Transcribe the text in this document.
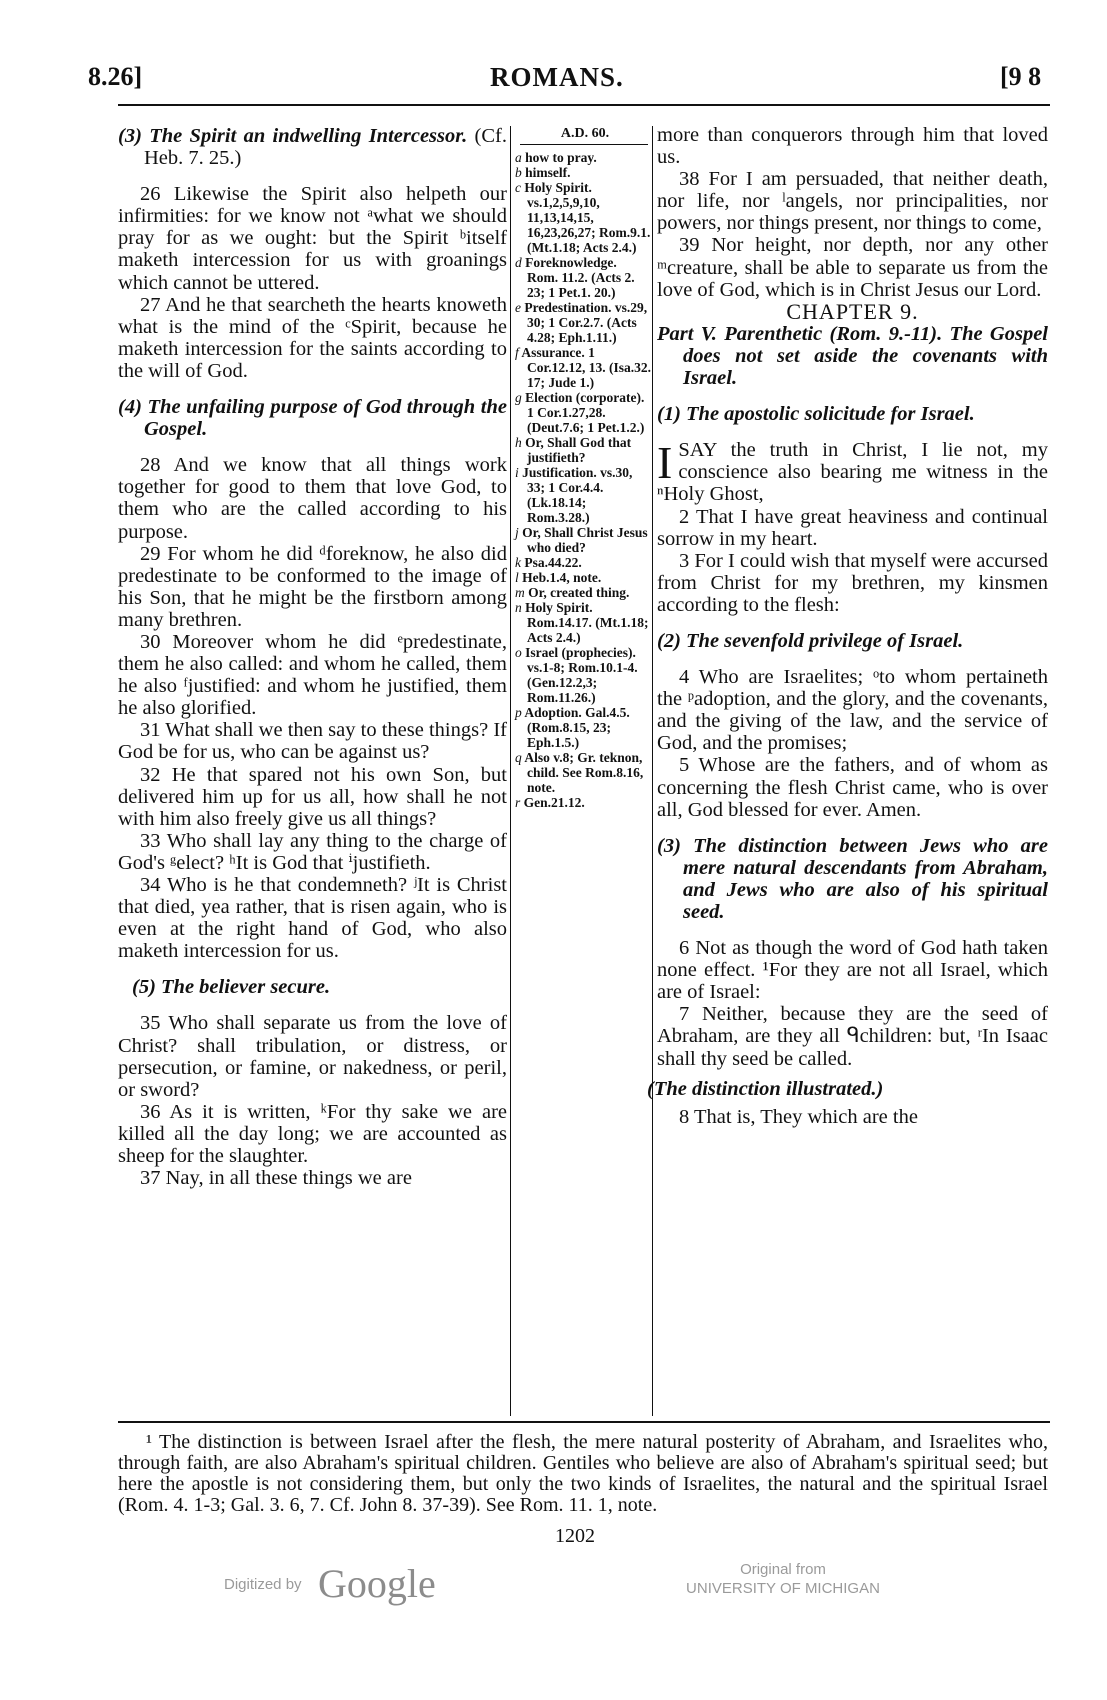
8.26]	ROMANS.	[9 8
A.D. 60.

(3) The Spirit an indwelling Intercessor. (Cf. Heb. 7. 25.)

26 Likewise the Spirit also helpeth our infirmities: for we know not ᵃwhat we should pray for as we ought: but the Spirit ᵇitself maketh intercession for us with groanings which cannot be uttered.

27 And he that searcheth the hearts knoweth what is the mind of the ᶜSpirit, because he maketh intercession for the saints according to the will of God.

(4) The unfailing purpose of God through the Gospel.

28 And we know that all things work together for good to them that love God, to them who are the called according to his purpose.

29 For whom he did ᵈforeknow, he also did predestinate to be conformed to the image of his Son, that he might be the firstborn among many brethren.

30 Moreover whom he did ᵉpredestinate, them he also called: and whom he called, them he also ᶠjustified: and whom he justified, them he also glorified.

31 What shall we then say to these things? If God be for us, who can be against us?

32 He that spared not his own Son, but delivered him up for us all, how shall he not with him also freely give us all things?

33 Who shall lay any thing to the charge of God's ᵍelect? ʰIt is God that ⁱjustifieth.

34 Who is he that condemneth? ʲIt is Christ that died, yea rather, that is risen again, who is even at the right hand of God, who also maketh intercession for us.

(5) The believer secure.

35 Who shall separate us from the love of Christ? shall tribulation, or distress, or persecution, or famine, or nakedness, or peril, or sword?

36 As it is written, ᵏFor thy sake we are killed all the day long; we are accounted as sheep for the slaughter.

37 Nay, in all these things we are

a how to pray.

b himself.

c Holy Spirit. vs.1,2,5,9,10, 11,13,14,15, 16,23,26,27; Rom.9.1. (Mt.1.18; Acts 2.4.)

d Foreknowledge. Rom. 11.2. (Acts 2. 23; 1 Pet.1. 20.)

e Predestination. vs.29, 30; 1 Cor.2.7. (Acts 4.28; Eph.1.11.)

f Assurance. 1 Cor.12.12, 13. (Isa.32. 17; Jude 1.)

g Election (corporate). 1 Cor.1.27,28. (Deut.7.6; 1 Pet.1.2.)

h Or, Shall God that justifieth?

i Justification. vs.30, 33; 1 Cor.4.4. (Lk.18.14; Rom.3.28.)

j Or, Shall Christ Jesus who died?

k Psa.44.22.

l Heb.1.4, note.

m Or, created thing.

n Holy Spirit. Rom.14.17. (Mt.1.18; Acts 2.4.)

o Israel (prophecies). vs.1-8; Rom.10.1-4. (Gen.12.2,3; Rom.11.26.)

p Adoption. Gal.4.5. (Rom.8.15, 23; Eph.1.5.)

q Also v.8; Gr. teknon, child. See Rom.8.16, note.

r Gen.21.12.

more than conquerors through him that loved us.

38 For I am persuaded, that neither death, nor life, nor ˡangels, nor principalities, nor powers, nor things present, nor things to come,

39 Nor height, nor depth, nor any other ᵐcreature, shall be able to separate us from the love of God, which is in Christ Jesus our Lord.

CHAPTER 9.

Part V. Parenthetic (Rom. 9.-11). The Gospel does not set aside the covenants with Israel.

(1) The apostolic solicitude for Israel.

ISAY the truth in Christ, I lie not, my conscience also bearing me witness in the ⁿHoly Ghost,

2 That I have great heaviness and continual sorrow in my heart.

3 For I could wish that myself were accursed from Christ for my brethren, my kinsmen according to the flesh:

(2) The sevenfold privilege of Israel.

4 Who are Israelites; ᵒto whom pertaineth the ᵖadoption, and the glory, and the covenants, and the giving of the law, and the service of God, and the promises;

5 Whose are the fathers, and of whom as concerning the flesh Christ came, who is over all, God blessed for ever. Amen.

(3) The distinction between Jews who are mere natural descendants from Abraham, and Jews who are also of his spiritual seed.

6 Not as though the word of God hath taken none effect. ¹For they are not all Israel, which are of Israel:

7 Neither, because they are the seed of Abraham, are they all ᑫchildren: but, ʳIn Isaac shall thy seed be called.

(The distinction illustrated.)

8 That is, They which are the

¹ The distinction is between Israel after the flesh, the mere natural posterity of Abraham, and Israelites who, through faith, are also Abraham's spiritual children. Gentiles who believe are also of Abraham's spiritual seed; but here the apostle is not considering them, but only the two kinds of Israelites, the natural and the spiritual Israel (Rom. 4. 1-3; Gal. 3. 6, 7. Cf. John 8. 37-39). See Rom. 11. 1, note.

1202
Digitized by Google	Original from
UNIVERSITY OF MICHIGAN
